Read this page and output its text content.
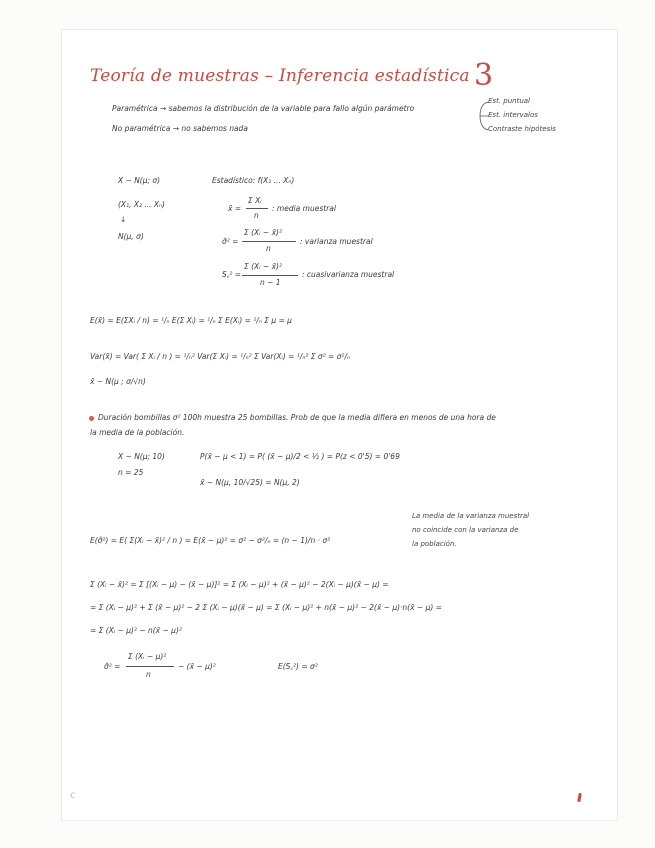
Teoría de muestras – Inferencia estadística 3
Paramétrica → sabemos la distribución de la variable para fallo algún parámetro
No paramétrica → no sabemos nada
Est. puntual
Est. intervalos
Contraste hipótesis
X ∼ N(μ; σ)
(X₁, X₂ ... Xₙ)
↓
N(μ, σ)
Estadístico: f(X₁ ... Xₙ)
x̄ =
Σ Xᵢ
n
: media muestral
σ̂² =
Σ (Xᵢ − x̄)²
n
: varianza muestral
S꜀² =
Σ (Xᵢ − x̄)²
n − 1
: cuasivarianza muestral
E(x̄) = E(ΣXᵢ / n) = ¹/ₙ E(Σ Xᵢ) = ¹/ₙ Σ E(Xᵢ) = ¹/ₙ Σ μ = μ
Var(x̄) = Var( Σ Xᵢ / n ) = ¹/ₙ² Var(Σ Xᵢ) = ¹/ₙ² Σ Var(Xᵢ) = ¹/ₙ² Σ σ² = σ²/ₙ
x̄ ∼ N(μ ; σ/√n)
Duración bombillas σ² 100h muestra 25 bombillas. Prob de que la media difiera en menos de una hora de
la media de la población.
X ∼ N(μ; 10)
n = 25
P(x̄ − μ < 1) = P( (x̄ − μ)/2 < ½ ) = P(z < 0'5) = 0'69
x̄ ∼ N(μ, 10/√25) = N(μ, 2)
E(σ̂²) = E( Σ(Xᵢ − x̄)² / n ) = E(x̄ − μ)² = σ² − σ²/ₙ = (n − 1)/n · σ²
La media de la varianza muestral
no coincide con la varianza de
la población.
Σ (Xᵢ − x̄)² = Σ [(Xᵢ − μ) − (x̄ − μ)]² = Σ (Xᵢ − μ)² + (x̄ − μ)² − 2(Xᵢ − μ)(x̄ − μ) =
= Σ (Xᵢ − μ)² + Σ (x̄ − μ)² − 2 Σ (Xᵢ − μ)(x̄ − μ) = Σ (Xᵢ − μ)² + n(x̄ − μ)² − 2(x̄ − μ)·n(x̄ − μ) =
= Σ (Xᵢ − μ)² − n(x̄ − μ)²
σ̂² =
Σ (Xᵢ − μ)²
n
− (x̄ − μ)²	E(S꜀²) = σ²
c
